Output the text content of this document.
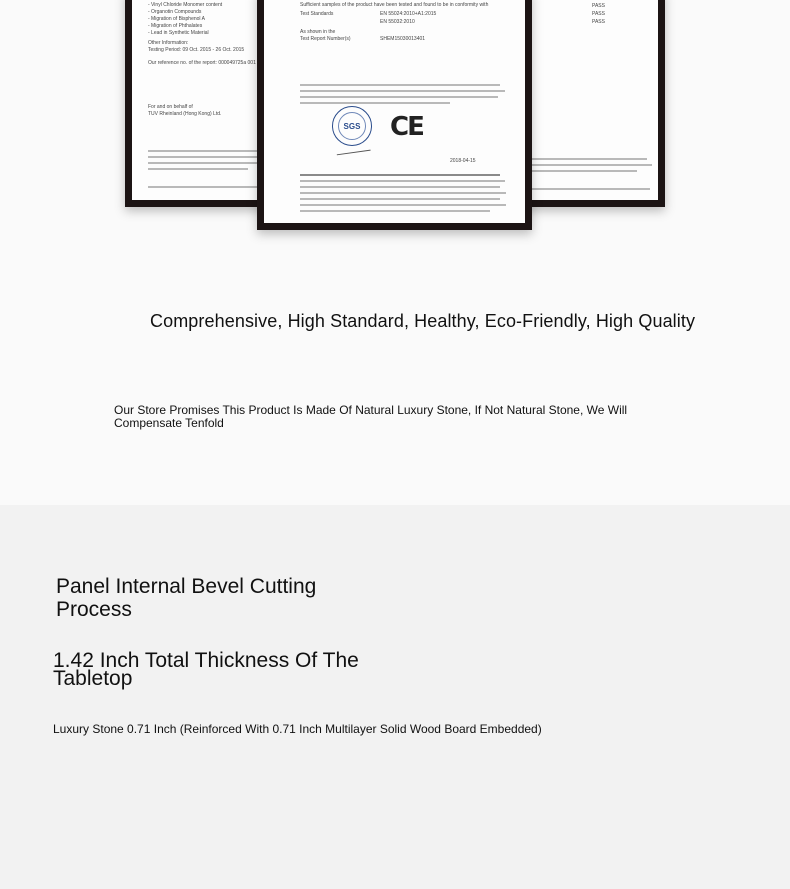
- Vinyl Chloride Monomer content
- Organotin Compounds
- Migration of Bisphenol A
- Migration of Phthalates
- Lead in Synthetic Material
Other Information:
Testing Period: 09 Oct. 2015 - 26 Oct. 2015
Our reference no. of the report: 000049725a 001
For and on behalf of
TUV Rheinland (Hong Kong) Ltd.
PASS
PASS
PASS
Sufficient samples of the product have been tested and found to be in conformity with
Test Standards	EN 55024:2010+A1:2015
EN 55032:2010
As shown in the
Test Report Number(s)	SHEM15030013401
SGS	CE
2018-04-15
Comprehensive, High Standard, Healthy, Eco-Friendly, High Quality
Our Store Promises This Product Is Made Of Natural Luxury Stone, If Not Natural Stone, We Will Compensate Tenfold
Panel Internal Bevel Cutting Process
1.42 Inch Total Thickness Of The Tabletop
Luxury Stone 0.71 Inch (Reinforced With 0.71 Inch Multilayer Solid Wood Board Embedded)
